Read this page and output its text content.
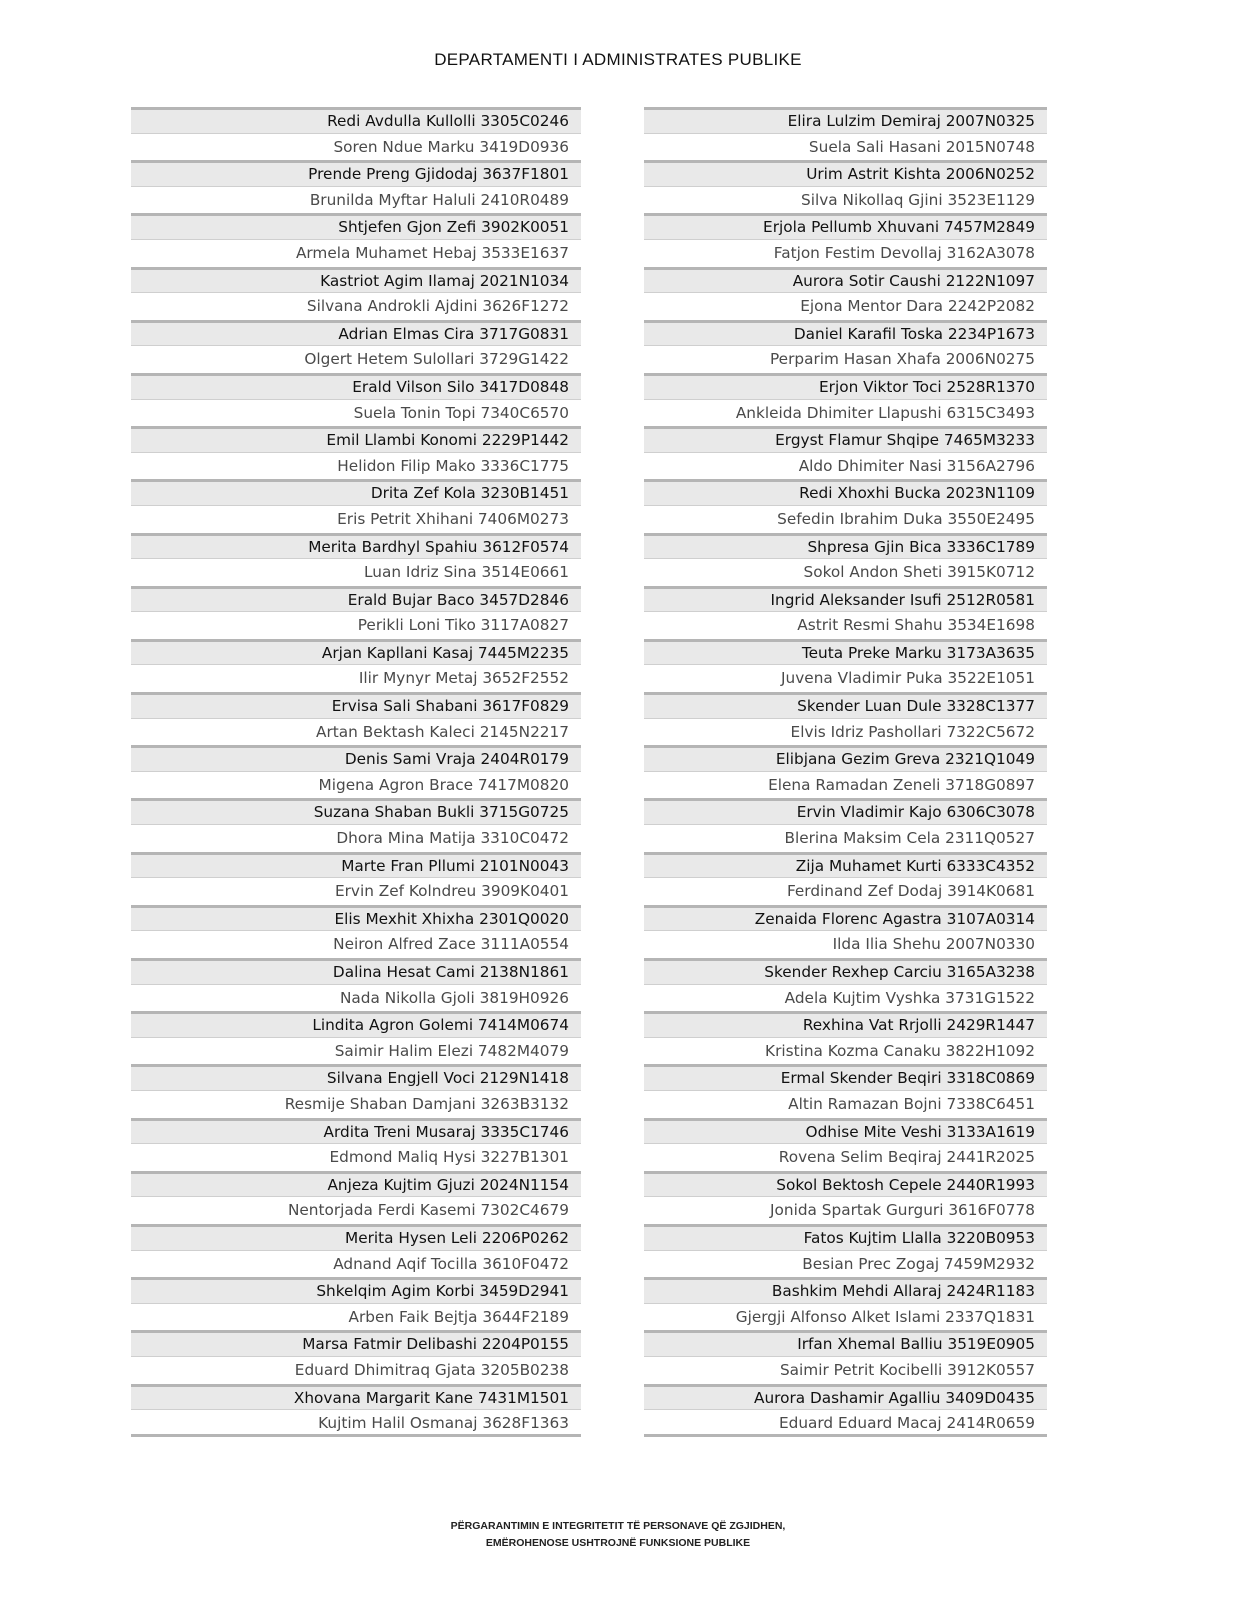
DEPARTAMENTI I ADMINISTRATES PUBLIKE
Redi Avdulla Kullolli 3305C0246
Soren Ndue Marku 3419D0936
Prende Preng Gjidodaj 3637F1801
Brunilda Myftar Haluli 2410R0489
Shtjefen Gjon Zefi 3902K0051
Armela Muhamet Hebaj 3533E1637
Kastriot Agim Ilamaj 2021N1034
Silvana Androkli Ajdini 3626F1272
Adrian Elmas Cira 3717G0831
Olgert Hetem Sulollari 3729G1422
Erald Vilson Silo 3417D0848
Suela Tonin Topi 7340C6570
Emil Llambi Konomi 2229P1442
Helidon Filip Mako 3336C1775
Drita Zef Kola 3230B1451
Eris Petrit Xhihani 7406M0273
Merita Bardhyl Spahiu 3612F0574
Luan Idriz Sina 3514E0661
Erald Bujar Baco 3457D2846
Perikli Loni Tiko 3117A0827
Arjan Kapllani Kasaj 7445M2235
Ilir Mynyr Metaj 3652F2552
Ervisa Sali Shabani 3617F0829
Artan Bektash Kaleci 2145N2217
Denis Sami Vraja 2404R0179
Migena Agron Brace 7417M0820
Suzana Shaban Bukli 3715G0725
Dhora Mina Matija 3310C0472
Marte Fran Pllumi 2101N0043
Ervin Zef Kolndreu 3909K0401
Elis Mexhit Xhixha 2301Q0020
Neiron Alfred Zace 3111A0554
Dalina Hesat Cami 2138N1861
Nada Nikolla Gjoli 3819H0926
Lindita Agron Golemi 7414M0674
Saimir Halim Elezi 7482M4079
Silvana Engjell Voci 2129N1418
Resmije Shaban Damjani 3263B3132
Ardita Treni Musaraj 3335C1746
Edmond Maliq Hysi 3227B1301
Anjeza Kujtim Gjuzi 2024N1154
Nentorjada Ferdi Kasemi 7302C4679
Merita Hysen Leli 2206P0262
Adnand Aqif Tocilla 3610F0472
Shkelqim Agim Korbi 3459D2941
Arben Faik Bejtja 3644F2189
Marsa Fatmir Delibashi 2204P0155
Eduard Dhimitraq Gjata 3205B0238
Xhovana Margarit Kane 7431M1501
Kujtim Halil Osmanaj 3628F1363
Elira Lulzim Demiraj 2007N0325
Suela Sali Hasani 2015N0748
Urim Astrit Kishta 2006N0252
Silva Nikollaq Gjini 3523E1129
Erjola Pellumb Xhuvani 7457M2849
Fatjon Festim Devollaj 3162A3078
Aurora Sotir Caushi 2122N1097
Ejona Mentor Dara 2242P2082
Daniel Karafil Toska 2234P1673
Perparim Hasan Xhafa 2006N0275
Erjon Viktor Toci 2528R1370
Ankleida Dhimiter Llapushi 6315C3493
Ergyst Flamur Shqipe 7465M3233
Aldo Dhimiter Nasi 3156A2796
Redi Xhoxhi Bucka 2023N1109
Sefedin Ibrahim Duka 3550E2495
Shpresa Gjin Bica 3336C1789
Sokol Andon Sheti 3915K0712
Ingrid Aleksander Isufi 2512R0581
Astrit Resmi Shahu 3534E1698
Teuta Preke Marku 3173A3635
Juvena Vladimir Puka 3522E1051
Skender Luan Dule 3328C1377
Elvis Idriz Pashollari 7322C5672
Elibjana Gezim Greva 2321Q1049
Elena Ramadan Zeneli 3718G0897
Ervin Vladimir Kajo 6306C3078
Blerina Maksim Cela 2311Q0527
Zija Muhamet Kurti 6333C4352
Ferdinand Zef Dodaj 3914K0681
Zenaida Florenc Agastra 3107A0314
Ilda Ilia Shehu 2007N0330
Skender Rexhep Carciu 3165A3238
Adela Kujtim Vyshka 3731G1522
Rexhina Vat Rrjolli 2429R1447
Kristina Kozma Canaku 3822H1092
Ermal Skender Beqiri 3318C0869
Altin Ramazan Bojni 7338C6451
Odhise Mite Veshi 3133A1619
Rovena Selim Beqiraj 2441R2025
Sokol Bektosh Cepele 2440R1993
Jonida Spartak Gurguri 3616F0778
Fatos Kujtim Llalla 3220B0953
Besian Prec Zogaj 7459M2932
Bashkim Mehdi Allaraj 2424R1183
Gjergji Alfonso Alket Islami 2337Q1831
Irfan Xhemal Balliu 3519E0905
Saimir Petrit Kocibelli 3912K0557
Aurora Dashamir Agalliu 3409D0435
Eduard Eduard Macaj 2414R0659
PËRGARANTIMIN E INTEGRITETIT TË PERSONAVE QË ZGJIDHEN,
EMËROHENOSE USHTROJNË FUNKSIONE PUBLIKE
